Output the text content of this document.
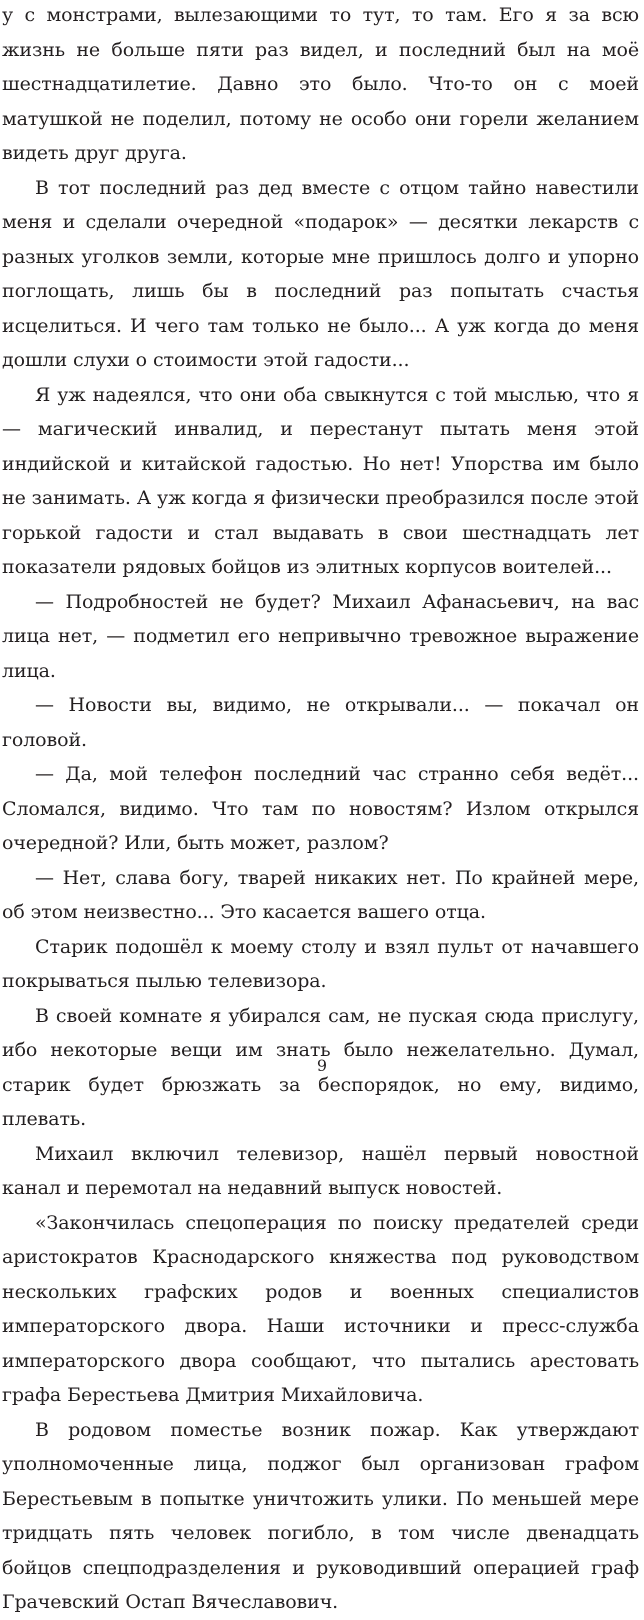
у с монстрами, вылезающими то тут, то там. Его я за всю жизнь не больше пяти раз видел, и последний был на моё шестнадцатилетие. Давно это было. Что-то он с моей матушкой не поделил, потому не особо они горели желанием видеть друг друга.

В тот последний раз дед вместе с отцом тайно навестили меня и сделали очередной «подарок» — десятки лекарств с разных уголков земли, которые мне пришлось долго и упорно поглощать, лишь бы в последний раз попытать счастья исцелиться. И чего там только не было... А уж когда до меня дошли слухи о стоимости этой гадости...

Я уж надеялся, что они оба свыкнутся с той мыслью, что я — магический инвалид, и перестанут пытать меня этой индийской и китайской гадостью. Но нет! Упорства им было не занимать. А уж когда я физически преобразился после этой горькой гадости и стал выдавать в свои шестнадцать лет показатели рядовых бойцов из элитных корпусов воителей...

— Подробностей не будет? Михаил Афанасьевич, на вас лица нет, — подметил его непривычно тревожное выражение лица.

— Новости вы, видимо, не открывали... — покачал он головой.

— Да, мой телефон последний час странно себя ведёт... Сломался, видимо. Что там по новостям? Излом открылся очередной? Или, быть может, разлом?

— Нет, слава богу, тварей никаких нет. По крайней мере, об этом неизвестно... Это касается вашего отца.

Старик подошёл к моему столу и взял пульт от начавшего покрываться пылью телевизора.

В своей комнате я убирался сам, не пуская сюда прислугу, ибо некоторые вещи им знать было нежелательно. Думал, старик будет брюзжать за беспорядок, но ему, видимо, плевать.

Михаил включил телевизор, нашёл первый новостной канал и перемотал на недавний выпуск новостей.

«Закончилась спецоперация по поиску предателей среди аристократов Краснодарского княжества под руководством нескольких графских родов и военных специалистов императорского двора. Наши источники и пресс-служба императорского двора сообщают, что пытались арестовать графа Берестьева Дмитрия Михайловича.

В родовом поместье возник пожар. Как утверждают уполномоченные лица, поджог был организован графом Берестьевым в попытке уничтожить улики. По меньшей мере тридцать пять человек погибло, в том числе двенадцать бойцов спецподразделения и руководивший операцией граф Грачевский Остап Вячеславович.

9
